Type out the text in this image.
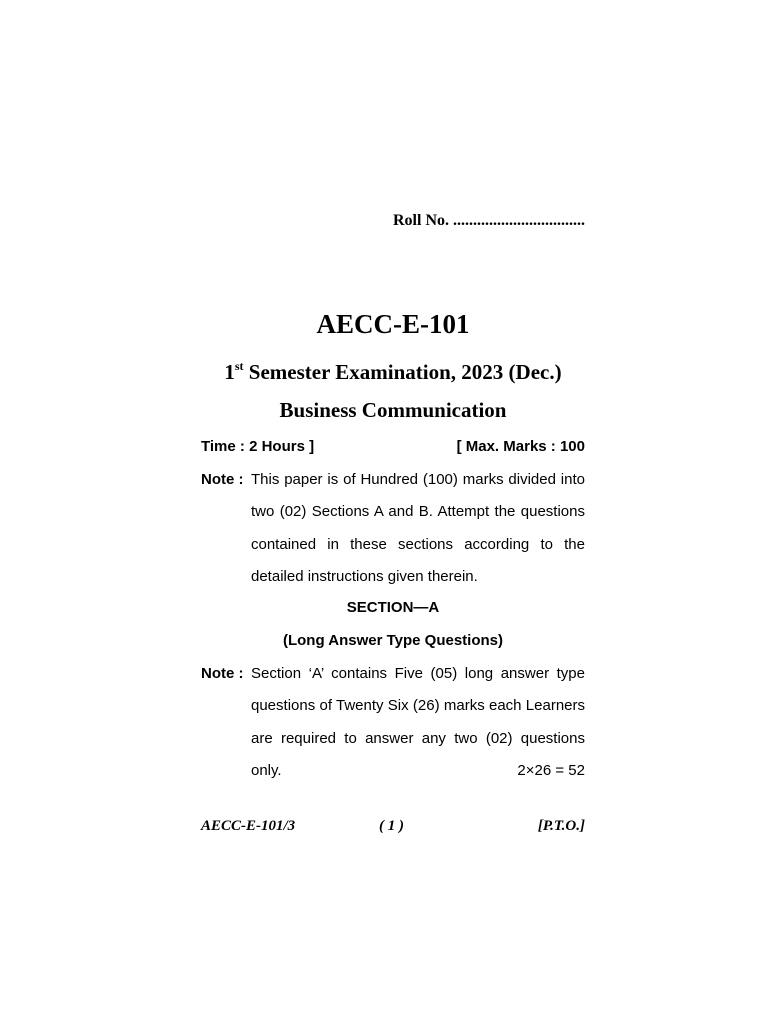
Roll No. .................................
AECC-E-101
1st Semester Examination, 2023 (Dec.)
Business Communication
Time : 2 Hours ]	[ Max. Marks : 100
Note : This paper is of Hundred (100) marks divided into two (02) Sections A and B. Attempt the questions contained in these sections according to the detailed instructions given therein.
SECTION—A
(Long Answer Type Questions)
Note : Section ‘A’ contains Five (05) long answer type questions of Twenty Six (26) marks each Learners are required to answer any two (02) questions only.	2×26 = 52
AECC-E-101/3	( 1 )	[P.T.O.]
